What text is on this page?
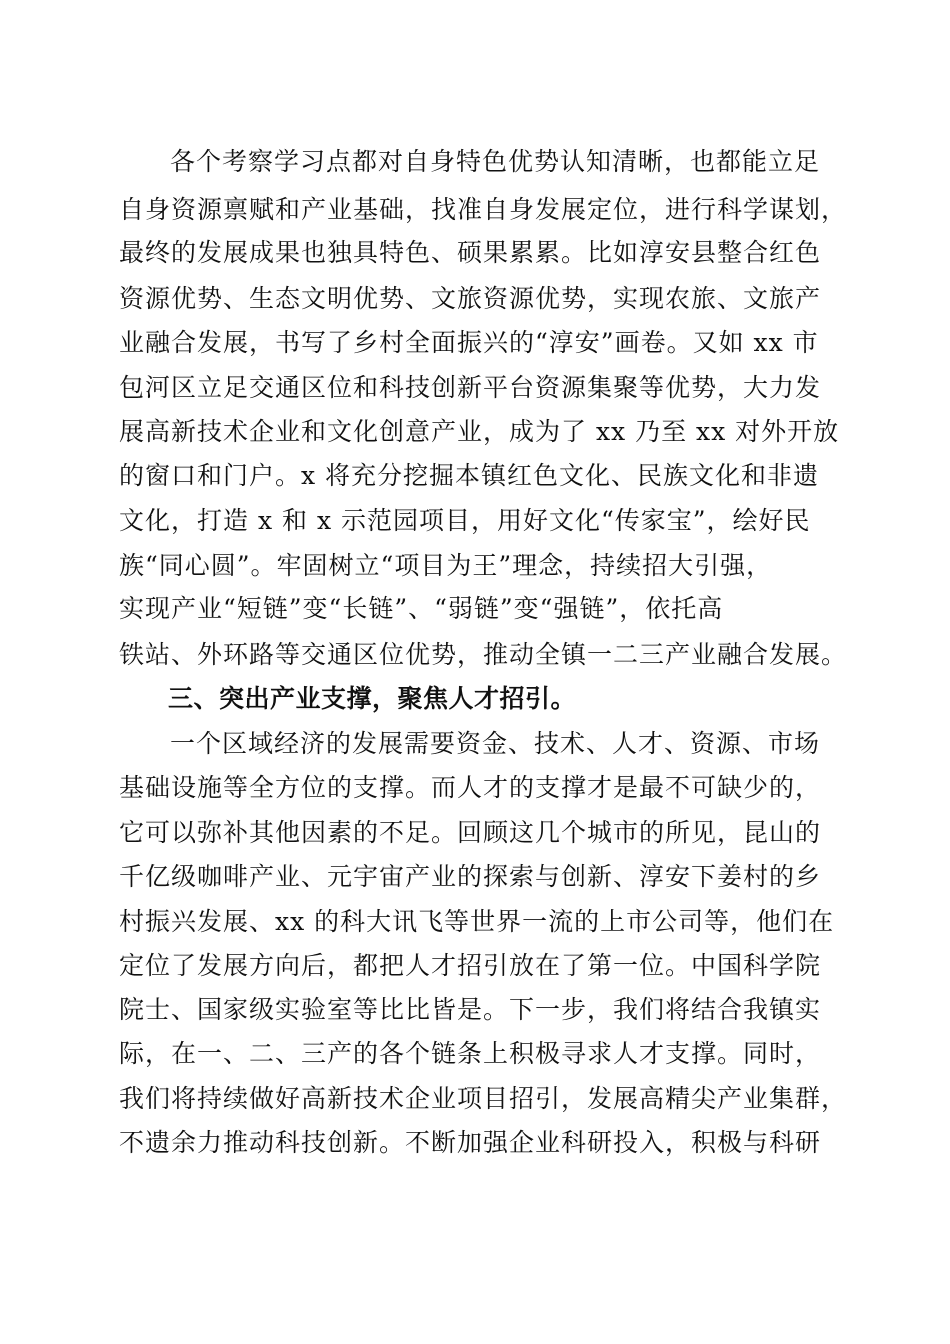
各个考察学习点都对自身特色优势认知清晰，也都能立足
自身资源禀赋和产业基础，找准自身发展定位，进行科学谋划，
最终的发展成果也独具特色、硕果累累。比如淳安县整合红色
资源优势、生态文明优势、文旅资源优势，实现农旅、文旅产
业融合发展，书写了乡村全面振兴的“淳安”画卷。又如 xx 市
包河区立足交通区位和科技创新平台资源集聚等优势，大力发
展高新技术企业和文化创意产业，成为了 xx 乃至 xx 对外开放
的窗口和门户。x 将充分挖掘本镇红色文化、民族文化和非遗
文化，打造 x 和 x 示范园项目，用好文化“传家宝”，绘好民
族“同心圆”。牢固树立“项目为王”理念，持续招大引强，
实现产业“短链”变“长链”、“弱链”变“强链”，依托高
铁站、外环路等交通区位优势，推动全镇一二三产业融合发展。
三、突出产业支撑，聚焦人才招引。
一个区域经济的发展需要资金、技术、人才、资源、市场
基础设施等全方位的支撑。而人才的支撑才是最不可缺少的，
它可以弥补其他因素的不足。回顾这几个城市的所见，昆山的
千亿级咖啡产业、元宇宙产业的探索与创新、淳安下姜村的乡
村振兴发展、xx 的科大讯飞等世界一流的上市公司等，他们在
定位了发展方向后，都把人才招引放在了第一位。中国科学院
院士、国家级实验室等比比皆是。下一步，我们将结合我镇实
际，在一、二、三产的各个链条上积极寻求人才支撑。同时，
我们将持续做好高新技术企业项目招引，发展高精尖产业集群，
不遗余力推动科技创新。不断加强企业科研投入，积极与科研
